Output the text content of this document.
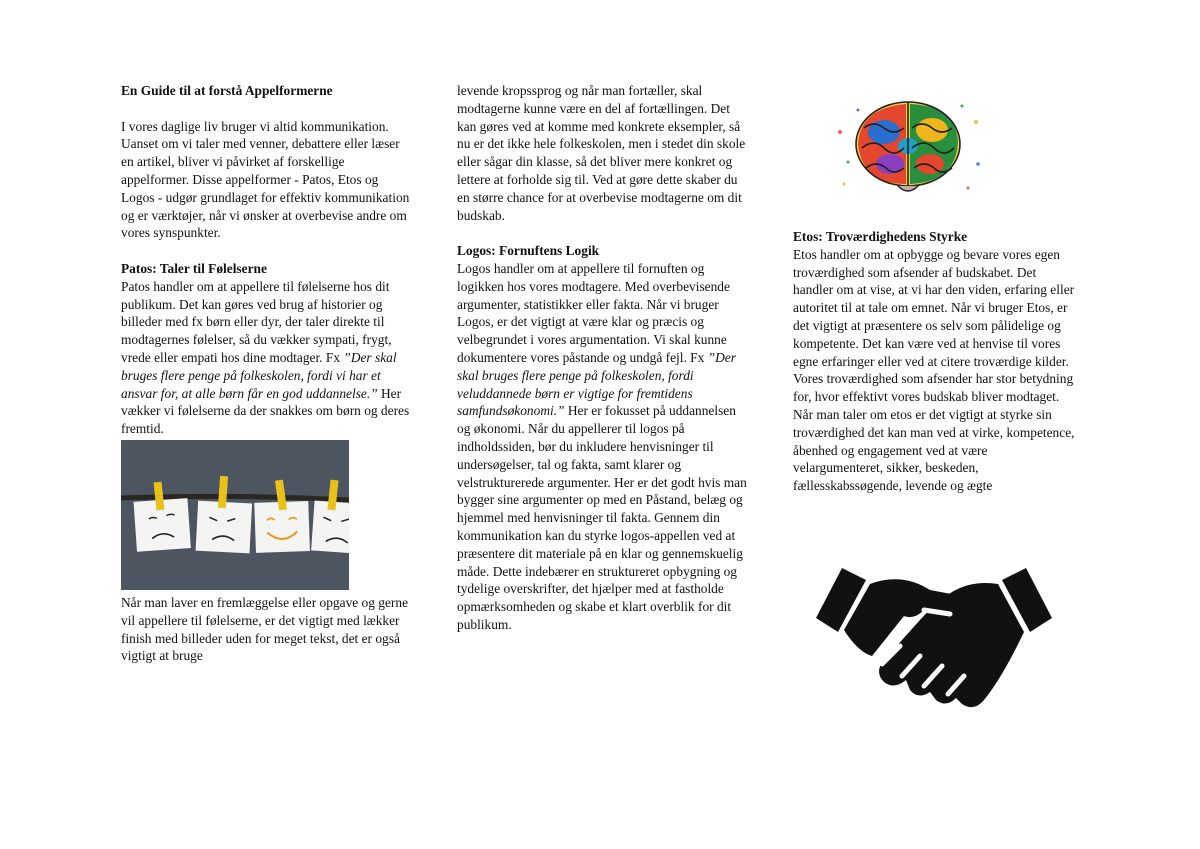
En Guide til at forstå Appelformerne

I vores daglige liv bruger vi altid kommunikation. Uanset om vi taler med venner, debattere eller læser en artikel, bliver vi påvirket af forskellige appelformer. Disse appelformer - Patos, Etos og Logos - udgør grundlaget for effektiv kommunikation og er værktøjer, når vi ønsker at overbevise andre om vores synspunkter.

Patos: Taler til Følelserne

Patos handler om at appellere til følelserne hos dit publikum. Det kan gøres ved brug af historier og billeder med fx børn eller dyr, der taler direkte til modtagernes følelser, så du vækker sympati, frygt, vrede eller empati hos dine modtager. Fx ”Der skal bruges flere penge på folkeskolen, fordi vi har et ansvar for, at alle børn får en god uddannelse.” Her vækker vi følelserne da der snakkes om børn og deres fremtid.

Når man laver en fremlæggelse eller opgave og gerne vil appellere til følelserne, er det vigtigt med lækker finish med billeder uden for meget tekst, det er også vigtigt at bruge

levende kropssprog og når man fortæller, skal modtagerne kunne være en del af fortællingen. Det kan gøres ved at komme med konkrete eksempler, så nu er det ikke hele folkeskolen, men i stedet din skole eller sågar din klasse, så det bliver mere konkret og lettere at forholde sig til. Ved at gøre dette skaber du en større chance for at overbevise modtagerne om dit budskab.

Logos: Fornuftens Logik

Logos handler om at appellere til fornuften og logikken hos vores modtagere. Med overbevisende argumenter, statistikker eller fakta. Når vi bruger Logos, er det vigtigt at være klar og præcis og velbegrundet i vores argumentation. Vi skal kunne dokumentere vores påstande og undgå fejl. Fx ”Der skal bruges flere penge på folkeskolen, fordi veluddannede børn er vigtige for fremtidens samfundsøkonomi.” Her er fokusset på uddannelsen og økonomi. Når du appellerer til logos på indholdssiden, bør du inkludere henvisninger til undersøgelser, tal og fakta, samt klarer og velstrukturerede argumenter. Her er det godt hvis man bygger sine argumenter op med en Påstand, belæg og hjemmel med henvisninger til fakta. Gennem din kommunikation kan du styrke logos-appellen ved at præsentere dit materiale på en klar og gennemskuelig måde. Dette indebærer en struktureret opbygning og tydelige overskrifter, det hjælper med at fastholde opmærksomheden og skabe et klart overblik for dit publikum.

Etos: Troværdighedens Styrke

Etos handler om at opbygge og bevare vores egen troværdighed som afsender af budskabet. Det handler om at vise, at vi har den viden, erfaring eller autoritet til at tale om emnet. Når vi bruger Etos, er det vigtigt at præsentere os selv som pålidelige og kompetente. Det kan være ved at henvise til vores egne erfaringer eller ved at citere troværdige kilder. Vores troværdighed som afsender har stor betydning for, hvor effektivt vores budskab bliver modtaget. Når man taler om etos er det vigtigt at styrke sin troværdighed det kan man ved at virke, kompetence, åbenhed og engagement ved at være velargumenteret, sikker, beskeden, fællesskabssøgende, levende og ægte
